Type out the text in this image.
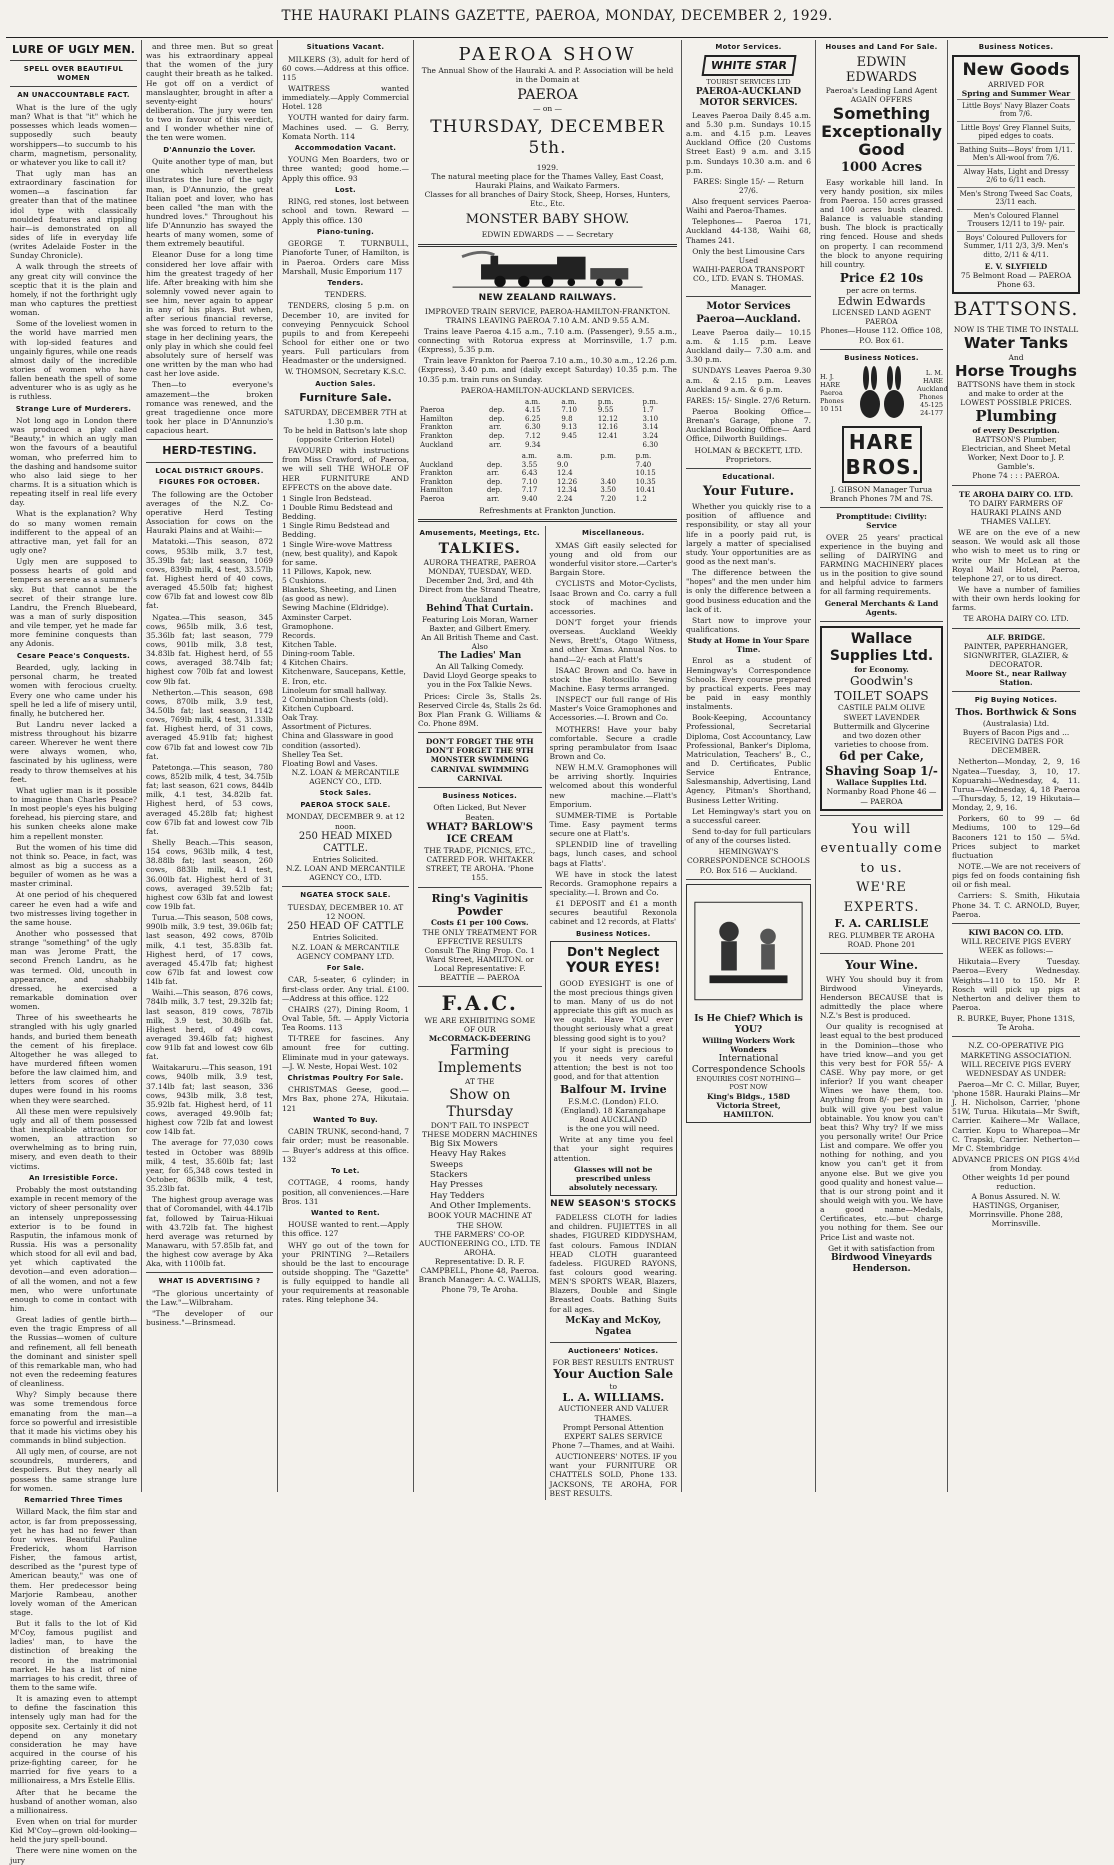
THE HAURAKI PLAINS GAZETTE, PAEROA, MONDAY, DECEMBER 2, 1929.
LURE OF UGLY MEN.
SPELL OVER BEAUTIFUL WOMEN
AN UNACCOUNTABLE FACT.

What is the lure of the ugly man? What is that "it" which he possesses which leads women—supposedly such beauty worshippers—to succumb to his charm, magnetism, personality, or whatever you like to call it?

That ugly man has an extraordinary fascination for women—a fascination far greater than that of the matinee idol type with classically moulded features and rippling hair—is demonstrated on all sides of life in everyday life (writes Adelaide Foster in the Sunday Chronicle).

A walk through the streets of any great city will convince the sceptic that it is the plain and homely, if not the forthright ugly man who captures the prettiest woman.

Some of the loveliest women in the world have married men with lop-sided features and ungainly figures, while one reads almost daily of the incredible stories of women who have fallen beneath the spell of some adventurer who is as ugly as he is ruthless.

Strange Lure of Murderers.

Not long ago in London there was produced a play called "Beauty," in which an ugly man won the favours of a beautiful woman, who preferred him to the dashing and handsome suitor who also laid siege to her charms. It is a situation which is repeating itself in real life every day.

What is the explanation? Why do so many women remain indifferent to the appeal of an attractive man, yet fall for an ugly one?

Ugly men are supposed to possess hearts of gold and tempers as serene as a summer's sky. But that cannot be the secret of their strange lure. Landru, the French Bluebeard, was a man of surly disposition and vile temper, yet he made far more feminine conquests than any Adonis.

Cesare Peace's Conquests.

Bearded, ugly, lacking in personal charm, he treated women with ferocious cruelty. Every one who came under his spell he led a life of misery until, finally, he butchered her.

But Landru never lacked a mistress throughout his bizarre career. Wherever he went there were always women, who, fascinated by his ugliness, were ready to throw themselves at his feet.

What uglier man is it possible to imagine than Charles Peace? In most people's eyes his bulging forehead, his piercing stare, and his sunken cheeks alone make him a repellent monster.

But the women of his time did not think so. Peace, in fact, was almost as big a success as a beguiler of women as he was a master criminal.

At one period of his chequered career he even had a wife and two mistresses living together in the same house.

Another who possessed that strange "something" of the ugly man was Jerome Pratt, the second French Landru, as he was termed. Old, uncouth in appearance, and shabbily dressed, he exercised a remarkable domination over women.

Three of his sweethearts he strangled with his ugly gnarled hands, and buried them beneath the cement of his fireplace. Altogether he was alleged to have murdered fifteen women before the law claimed him, and letters from scores of other dupes were found in his rooms when they were searched.

All these men were repulsively ugly and all of them possessed that inexplicable attraction for women, an attraction so overwhelming as to bring ruin, misery, and even death to their victims.

An Irresistible Force.

Probably the most outstanding example in recent memory of the victory of sheer personality over an intensely unprepossessing exterior is to be found in Rasputin, the infamous monk of Russia. His was a personality which stood for all evil and bad, yet which captivated the devotion—and even adoration—of all the women, and not a few men, who were unfortunate enough to come in contact with him.

Great ladies of gentle birth—even the tragic Empress of all the Russias—women of culture and refinement, all fell beneath the dominant and sinister spell of this remarkable man, who had not even the redeeming features of cleanliness.

Why? Simply because there was some tremendous force emanating from the man—a force so powerful and irresistible that it made his victims obey his commands in blind subjection.

All ugly men, of course, are not scoundrels, murderers, and despoilers. But they nearly all possess the same strange lure for women.

Remarried Three Times

Willard Mack, the film star and actor, is far from prepossessing, yet he has had no fewer than four wives. Beautiful Pauline Frederick, whom Harrison Fisher, the famous artist, described as the "purest type of American beauty," was one of them. Her predecessor being Marjorie Rambeau, another lovely woman of the American stage.

But it falls to the lot of Kid M'Coy, famous pugilist and ladies' man, to have the distinction of breaking the record in the matrimonial market. He has a list of nine marriages to his credit, three of them to the same wife.

It is amazing even to attempt to define the fascination this intensely ugly man had for the opposite sex. Certainly it did not depend on any monetary consideration he may have acquired in the course of his prize-fighting career, for he married for five years to a millionairess, a Mrs Estelle Ellis.

After that he became the husband of another woman, also a millionairess.

Even when on trial for murder Kid M'Coy—grown old-looking—held the jury spell-bound.

There were nine women on the jury

and three men. But so great was his extraordinary appeal that the women of the jury caught their breath as he talked. He got off on a verdict of manslaughter, brought in after a seventy-eight hours' deliberation. The jury were ten to two in favour of this verdict, and I wonder whether nine of the ten were women.

D'Annunzio the Lover.

Quite another type of man, but one which nevertheless illustrates the lure of the ugly man, is D'Annunzio, the great Italian poet and lover, who has been called "the man with the hundred loves." Throughout his life D'Annunzio has swayed the hearts of many women, some of them extremely beautiful.

Eleanor Duse for a long time considered her love affair with him the greatest tragedy of her life. After breaking with him she solemnly vowed never again to see him, never again to appear in any of his plays. But when, after serious financial reverse, she was forced to return to the stage in her declining years, the only play in which she could feel absolutely sure of herself was one written by the man who had cast her love aside.

Then—to everyone's amazement—the broken romance was renewed, and the great tragedienne once more took her place in D'Annunzio's capacious heart.

HERD-TESTING.
LOCAL DISTRICT GROUPS.
FIGURES FOR OCTOBER.

The following are the October averages of the N.Z. Co-operative Herd Testing Association for cows on the Hauraki Plains and at Waihi:—

Matatoki.—This season, 872 cows, 953lb milk, 3.7 test, 35.39lb fat; last season, 1069 cows, 839lb milk, 4 test, 33.57lb fat. Highest herd of 40 cows, averaged 45.50lb fat; highest cow 67lb fat and lowest cow 8lb fat.

Ngatea.—This season, 345 cows, 965lb milk, 3.6 test, 35.36lb fat; last season, 779 cows, 901lb milk, 3.8 test, 34.83lb fat. Highest herd, of 55 cows, averaged 38.74lb fat; highest cow 70lb fat and lowest cow 9lb fat.

Netherton.—This season, 698 cows, 870lb milk, 3.9 test, 34.50lb fat; last season, 1142 cows, 769lb milk, 4 test, 31.33lb fat. Highest herd, of 31 cows, averaged 45.91lb fat; highest cow 67lb fat and lowest cow 7lb fat.

Patetonga.—This season, 780 cows, 852lb milk, 4 test, 34.75lb fat; last season, 621 cows, 844lb milk, 4.1 test, 34.82lb fat. Highest herd, of 53 cows, averaged 45.28lb fat; highest cow 67lb fat and lowest cow 7lb fat.

Shelly Beach.—This season, 154 cows, 963lb milk, 4 test, 38.88lb fat; last season, 260 cows, 883lb milk, 4.1 test, 36.00lb fat. Highest herd of 31 cows, averaged 39.52lb fat; highest cow 63lb fat and lowest cow 19lb fat.

Turua.—This season, 508 cows, 990lb milk, 3.9 test, 39.06lb fat; last season, 492 cows, 870lb milk, 4.1 test, 35.83lb fat. Highest herd, of 17 cows, averaged 45.47lb fat; highest cow 67lb fat and lowest cow 14lb fat.

Waihi.—This season, 876 cows, 784lb milk, 3.7 test, 29.32lb fat; last season, 819 cows, 787lb milk, 3.9 test, 30.86lb fat. Highest herd, of 49 cows, averaged 39.46lb fat; highest cow 91lb fat and lowest cow 6lb fat.

Waitakaruru.—This season, 191 cows, 940lb milk, 3.9 test, 37.14lb fat; last season, 336 cows, 943lb milk, 3.8 test, 35.92lb fat. Highest herd, of 11 cows, averaged 49.90lb fat; highest cow 72lb fat and lowest cow 14lb fat.

The average for 77,030 cows tested in October was 889lb milk, 4 test, 35.60lb fat; last year, for 65,348 cows tested in October, 863lb milk, 4 test, 35.23lb fat.

The highest group average was that of Coromandel, with 44.17lb fat, followed by Tairua-Hikuai with 43.72lb fat. The highest herd average was returned by Manawaru, with 57.85lb fat, and the highest cow average by Aka Aka, with 1100lb fat.

WHAT IS ADVERTISING ?

"The glorious uncertainty of the Law."—Wilbraham.

"The developer of our business."—Brinsmead.

Situations Vacant.

MILKERS (3), adult for herd of 60 cows.—Address at this office. 115

WAITRESS wanted immediately.—Apply Commercial Hotel. 128

YOUTH wanted for dairy farm. Machines used. — G. Berry, Komata North. 114

Accommodation Vacant.

YOUNG Men Boarders, two or three wanted; good home.—Apply this office. 93

Lost.

RING, red stones, lost between school and town. Reward — Apply this office. 130

Piano-tuning.

GEORGE T. TURNBULL, Pianoforte Tuner, of Hamilton, is in Paeroa. Orders care Miss Marshall, Music Emporium 117

Tenders.
TENDERS.

TENDERS, closing 5 p.m. on December 10, are invited for conveying Pennycuick School pupils to and from Kerepeehi School for either one or two years. Full particulars from Headmaster or the undersigned.

W. THOMSON, Secretary K.S.C.
Auction Sales.
Furniture Sale.
SATURDAY, DECEMBER 7TH at 1.30 p.m.
To be held in Battson's late shop (opposite Criterion Hotel)

FAVOURED with instructions from Miss Crawford, of Paeroa, we will sell THE WHOLE OF HER FURNITURE AND EFFECTS on the above date.

1 Single Iron Bedstead.
1 Double Rimu Bedstead and Bedding.
1 Single Rimu Bedstead and Bedding.
1 Single Wire-wove Mattress (new, best quality), and Kapok for same.
11 Pillows, Kapok, new.
5 Cushions.
Blankets, Sheeting, and Linen (as good as new).
Sewing Machine (Eldridge).
Axminster Carpet.
Gramophone.
Records.
Kitchen Table.
Dining-room Table.
4 Kitchen Chairs.
Kitchenware, Saucepans, Kettle, E. Iron, etc.
Linoleum for small hallway.
2 Combination Chests (old).
Kitchen Cupboard.
Oak Tray.
Assortment of Pictures.
China and Glassware in good condition (assorted).
Shelley Tea Set.
Floating Bowl and Vases.
N.Z. LOAN & MERCANTILE AGENCY CO., LTD.
Stock Sales.
PAEROA STOCK SALE.
MONDAY, DECEMBER 9. at 12 noon.
250 HEAD MIXED CATTLE.
Entries Solicited.
N.Z. LOAN AND MERCANTILE AGENCY CO., LTD.
NGATEA STOCK SALE.
TUESDAY, DECEMBER 10. AT 12 NOON.
250 HEAD OF CATTLE
Entries Solicited.
N.Z. LOAN & MERCANTILE AGENCY COMPANY LTD.
For Sale.

CAR, 5-seater, 6 cylinder; in first-class order. Any trial. £100.—Address at this office. 122

CHAIRS (27), Dining Room, 1 Oval Table, 5ft. — Apply Victoria Tea Rooms. 113

TI-TREE for fascines. Any amount free for cutting. Eliminate mud in your gateways.—J. W. Neste, Hopai West. 102

Christmas Poultry For Sale.

CHRISTMAS Geese, good.—Mrs Bax, phone 27A, Hikutaia. 121

Wanted To Buy.

CABIN TRUNK, second-hand, 7 fair order; must be reasonable. — Buyer's address at this office. 132

To Let.

COTTAGE, 4 rooms, handy position, all conveniences.—Hare Bros. 131

Wanted to Rent.

HOUSE wanted to rent.—Apply this office. 127

WHY go out of the town for your PRINTING ?—Retailers should be the last to encourage outside shopping. The "Gazette" is fully equipped to handle all your requirements at reasonable rates. Ring telephone 34.

PAEROA SHOW
The Annual Show of the Hauraki A. and P. Association will be held in the Domain at
PAEROA
— on —
THURSDAY, DECEMBER 5th.
1929.
The natural meeting place for the Thames Valley, East Coast, Hauraki Plains, and Waikato Farmers.
Classes for all branches of Dairy Stock, Sheep, Horses, Hunters, Etc., Etc.
MONSTER BABY SHOW.
EDWIN EDWARDS — — Secretary
NEW ZEALAND RAILWAYS.
IMPROVED TRAIN SERVICE, PAEROA-HAMILTON-FRANKTON.
TRAINS LEAVING PAEROA 7.10 A.M. AND 9.55 A.M.

Trains leave Paeroa 4.15 a.m., 7.10 a.m. (Passenger), 9.55 a.m., connecting with Rotorua express at Morrinsville, 1.7 p.m. (Express), 5.35 p.m.

Train leave Frankton for Paeroa 7.10 a.m., 10.30 a.m., 12.26 p.m. (Express), 3.40 p.m. and (daily except Saturday) 10.35 p.m. The 10.35 p.m. train runs on Sunday.

PAEROA-HAMILTON-AUCKLAND SERVICES.
		a.m.	a.m.	p.m.	p.m.
Paeroa	dep.	4.15	7.10	9.55	1.7
Hamilton	dep.	6.25	9.8	12.12	3.10
Frankton	arr.	6.30	9.13	12.16	3.14
Frankton	dep.	7.12	9.45	12.41	3.24
Auckland	arr.	9.34			6.30
		a.m.	a.m.	p.m.	p.m.
Auckland	dep.	3.55	9.0		7.40
Frankton	arr.	6.43	12.4		10.15
Frankton	dep.	7.10	12.26	3.40	10.35
Hamilton	dep.	7.17	12.34	3.50	10.41
Paeroa	arr.	9.40	2.24	7.20	1.2
Refreshments at Frankton Junction.
Amusements, Meetings, Etc.
TALKIES.
AURORA THEATRE, PAEROA
MONDAY, TUESDAY, WED. December 2nd, 3rd, and 4th
Direct from the Strand Theatre, Auckland
Behind That Curtain.
Featuring Lois Moran, Warner Baxter, and Gilbert Emery.
An All British Theme and Cast. Also
The Ladies' Man
An All Talking Comedy.
David Lloyd George speaks to you in the Fox Talkie News.

Prices: Circle 3s, Stalls 2s. Reserved Circle 4s, Stalls 2s 6d. Box Plan Frank G. Williams & Co. Phone 89M.

DON'T FORGET THE 9TH DON'T FORGET THE 9TH MONSTER SWIMMING CARNIVAL SWIMMING CARNIVAL
Business Notices.
Often Licked, But Never Beaten.
WHAT? BARLOW'S ICE CREAM
THE TRADE, PICNICS, ETC., CATERED FOR. WHITAKER STREET, TE AROHA. 'Phone 155.
Ring's Vaginitis Powder
Costs £1 per 100 Cows.
THE ONLY TREATMENT FOR EFFECTIVE RESULTS
Consult The Ring Prop. Co. 1 Ward Street, HAMILTON. or Local Representative: F. BEATTIE — PAEROA
F.A.C.
WE ARE EXHIBITING SOME OF OUR
McCORMACK-DEERING
Farming Implements
AT THE
Show on Thursday
DON'T FAIL TO INSPECT THESE MODERN MACHINES
Big Six Mowers
Heavy Hay Rakes
Sweeps
Stackers
Hay Presses
Hay Tedders
And Other Implements.
BOOK YOUR MACHINE AT THE SHOW.
THE FARMERS' CO-OP. AUCTIONEERING CO., LTD. TE AROHA.
Representative: D. R. F. CAMPBELL, Phone 48, Paeroa.
Branch Manager: A. C. WALLIS, Phone 79, Te Aroha.
Miscellaneous.

XMAS Gift easily selected for young and old from our wonderful visitor store.—Carter's Bargain Store.

CYCLISTS and Motor-Cyclists, Isaac Brown and Co. carry a full stock of machines and accessories.

DON'T forget your friends overseas. Auckland Weekly News, Brett's, Otago Witness, and other Xmas. Annual Nos. to hand—2/- each at Flatt's

ISAAC Brown and Co. have in stock the Rotoscillo Sewing Machine. Easy terms arranged.

INSPECT our full range of His Master's Voice Gramophones and Accessories.—I. Brown and Co.

MOTHERS! Have your baby comfortable. Secure a cradle spring perambulator from Isaac Brown and Co.

NEW H.M.V. Gramophones will be arriving shortly. Inquiries welcomed about this wonderful new machine.—Flatt's Emporium.

SUMMER-TIME is Portable Time. Easy payment terms secure one at Flatt's.

SPLENDID line of travelling bags, lunch cases, and school bags at Flatts'.

WE have in stock the latest Records. Gramophone repairs a speciality.—I. Brown and Co.

£1 DEPOSIT and £1 a month secures beautiful Rexonola cabinet and 12 records, at Flatts'

Business Notices.
Don't Neglect
YOUR EYES!

GOOD EYESIGHT is one of the most precious things given to man. Many of us do not appreciate this gift as much as we ought. Have YOU ever thought seriously what a great blessing good sight is to you?

If your sight is precious to you it needs very careful attention; the best is not too good, and for that attention

Balfour M. Irvine
F.S.M.C. (London) F.I.O. (England). 18 Karangahape Road AUCKLAND
is the one you will need.

Write at any time you feel that your sight requires attention.

Glasses will not be prescribed unless absolutely necessary.
NEW SEASON'S STOCKS

FADELESS CLOTH for ladies and children. FUJIETTES in all shades, FIGURED KIDDYSHAM, fast colours. Famous INDIAN HEAD CLOTH guaranteed fadeless. FIGURED RAYONS, fast colours good wearing. MEN'S SPORTS WEAR, Blazers, Blazers, Double and Single Breasted Coats. Bathing Suits for all ages.

McKay and McKoy, Ngatea
Auctioneers' Notices.
FOR BEST RESULTS ENTRUST
Your Auction Sale
to
L. A. WILLIAMS.
AUCTIONEER AND VALUER THAMES.
Prompt Personal Attention
EXPERT SALES SERVICE
Phone 7—Thames, and at Waihi.

AUCTIONEERS' NOTES. IF you want your FURNITURE OR CHATTELS SOLD, Phone 133. JACKSONS, TE AROHA, FOR BEST RESULTS.

Motor Services.
WHITE STAR
TOURIST SERVICES LTD
PAEROA-AUCKLAND MOTOR SERVICES.

Leaves Paeroa Daily 8.45 a.m. and 5.30 p.m. Sundays 10.15 a.m. and 4.15 p.m. Leaves Auckland Office (20 Customs Street East) 9 a.m. and 3.15 p.m. Sundays 10.30 a.m. and 6 p.m.

FARES: Single 15/- — Return 27/6.

Also frequent services Paeroa-Waihi and Paeroa-Thames.

Telephones— Paeroa 171, Auckland 44-138, Waihi 68, Thames 241.

Only the best Limousine Cars Used
WAIHI-PAEROA TRANSPORT CO., LTD. EVAN S. THOMAS. Manager.
Motor Services Paeroa—Auckland.

Leave Paeroa daily— 10.15 a.m. & 1.15 p.m. Leave Auckland daily— 7.30 a.m. and 3.30 p.m.

SUNDAYS Leaves Paeroa 9.30 a.m. & 2.15 p.m. Leaves Auckland 9 a.m. & 6 p.m.

FARES: 15/- Single. 27/6 Return.

Paeroa Booking Office— Brenan's Garage, phone 7. Auckland Booking Office— Aard Office, Dilworth Buildings.

HOLMAN & BECKETT, LTD. Proprietors.
Educational.
Your Future.

Whether you quickly rise to a position of affluence and responsibility, or stay all your life in a poorly paid rut, is largely a matter of specialised study. Your opportunities are as good as the next man's.

The difference between the "hopes" and the men under him is only the difference between a good business education and the lack of it.

Start now to improve your qualifications.

Study at Home in Your Spare Time.

Enrol as a student of Hemingway's Correspondence Schools. Every course prepared by practical experts. Fees may be paid in easy monthly instalments.

Book-Keeping, Accountancy Professional, Secretarial Diploma, Cost Accountancy, Law Professional, Banker's Diploma, Matriculation, Teachers' B., C., and D. Certificates, Public Service Entrance, Salesmanship, Advertising, Land Agency, Pitman's Shorthand, Business Letter Writing.

Let Hemingway's start you on a successful career.

Send to-day for full particulars of any of the courses listed.

HEMINGWAY'S CORRESPONDENCE SCHOOLS P.O. Box 516 — Auckland.
Is He Chief? Which is YOU?
Willing Workers Work Wonders
International Correspondence Schools
ENQUIRIES COST NOTHING—POST NOW
King's Bldgs., 158D Victoria Street, HAMILTON.
Houses and Land For Sale.
EDWIN EDWARDS
Paeroa's Leading Land Agent AGAIN OFFERS
Something Exceptionally Good
1000 Acres

Easy workable hill land. In very handy position, six miles from Paeroa. 150 acres grassed and 100 acres bush cleared. Balance is valuable standing bush. The block is practically ring fenced. House and sheds on property. I can recommend the block to anyone requiring hill country.

Price £2 10s
per acre on terms.
Edwin Edwards
LICENSED LAND AGENT PAEROA
Phones—House 112. Office 108, P.O. Box 61.
Business Notices.
H. J. HARE Paeroa Phones 10 151
L. M. HARE Auckland Phones 45-125 24-177
HARE BROS.
J. GIBSON Manager Turua Branch Phones 7M and 7S.
Promptitude: Civility: Service

OVER 25 years' practical experience in the buying and selling of DAIRYING and FARMING MACHINERY places us in the position to give sound and helpful advice to farmers for all farming requirements.

General Merchants & Land Agents.
Wallace Supplies Ltd.
for Economy.
Goodwin's TOILET SOAPS
CASTILE PALM OLIVE SWEET LAVENDER Buttermilk and Glycerine
and two dozen other varieties to choose from.
6d per Cake,
Shaving Soap 1/-
Wallace Supplies Ltd.
Normanby Road Phone 46 — — PAEROA
You will eventually come to us.
WE'RE EXPERTS.
F. A. CARLISLE
REG. PLUMBER TE AROHA ROAD. Phone 201
Your Wine.

WHY You should buy it from Birdwood Vineyards, Henderson BECAUSE that is admittedly the place where N.Z.'s Best is produced.

Our quality is recognised at least equal to the best produced in the Dominion—those who have tried know—and you get this very best for FOR 55/- A CASE. Why pay more, or get inferior? If you want cheaper Wines we have them, too. Anything from 8/- per gallon in bulk will give you best value obtainable. You know you can't beat this? Why try? If we miss you personally write! Our Price List and compare. We offer you nothing for nothing, and you know you can't get it from anyone else. But we give you good quality and honest value—that is our strong point and it should weigh with you. We have a good name—Medals, Certificates, etc.—but charge you nothing for them. See our Price List and waste not.

Get it with satisfaction from
Birdwood Vineyards Henderson.
Business Notices.
New Goods
ARRIVED FOR
Spring and Summer Wear
Little Boys' Navy Blazer Coats from 7/6.
Little Boys' Grey Flannel Suits, piped edges to coats.
Bathing Suits—Boys' from 1/11. Men's All-wool from 7/6.
Alway Hats, Light and Dressy 2/6 to 6/11 each.
Men's Strong Tweed Sac Coats, 23/11 each.
Men's Coloured Flannel Trousers 12/11 to 19/- pair.
Boys' Coloured Pullovers for Summer, 1/11 2/3, 3/9. Men's ditto, 2/11 & 4/11.
E. V. SLYFIELD
75 Belmont Road — PAEROA Phone 63.
BATTSONS.
NOW IS THE TIME TO INSTALL
Water Tanks
And
Horse Troughs
BATTSONS have them in stock and make to order at the LOWEST POSSIBLE PRICES.
Plumbing
of every Description.
BATTSON'S Plumber, Electrician, and Sheet Metal Worker, Next Door to J. P. Gamble's.
Phone 74 : : : PAEROA.
TE AROHA DAIRY CO. LTD.
TO DAIRY FARMERS OF HAURAKI PLAINS AND THAMES VALLEY.

WE are on the eve of a new season. We would ask all those who wish to meet us to ring or write our Mr McLean at the Royal Mail Hotel, Paeroa, telephone 27, or to us direct.

We have a number of families with their own herds looking for farms.

TE AROHA DAIRY CO. LTD.
ALF. BRIDGE.
PAINTER, PAPERHANGER, SIGNWRITER, GLAZIER, & DECORATOR.
Moore St., near Railway Station.
Pig Buying Notices.
Thos. Borthwick & Sons
(Australasia) Ltd.
Buyers of Bacon Pigs and ...
RECEIVING DATES FOR DECEMBER.

Netherton—Monday, 2, 9, 16 Ngatea—Tuesday, 3, 10, 17. Kopuarahi—Wednesday, 4, 11. Turua—Wednesday, 4, 18 Paeroa—Thursday, 5, 12, 19 Hikutaia—Monday, 2, 9, 16.

Porkers, 60 to 99 — 6d Mediums, 100 to 129—6d Baconers 121 to 150 — 5¾d. Prices subject to market fluctuation

NOTE.—We are not receivers of pigs fed on foods containing fish oil or fish meal.

Carriers: S. Smith, Hikutaia Phone 34. T. C. ARNOLD, Buyer, Paeroa.

KIWI BACON CO. LTD.
WILL RECEIVE PIGS EVERY WEEK as follows:—

Hikutaia—Every Tuesday. Paeroa—Every Wednesday. Weights—110 to 150. Mr P. Rosch will pick up pigs at Netherton and deliver them to Paeroa.

R. BURKE, Buyer, Phone 131S, Te Aroha.
N.Z. CO-OPERATIVE PIG MARKETING ASSOCIATION. WILL RECEIVE PIGS EVERY WEDNESDAY AS UNDER:

Paeroa—Mr C. C. Millar, Buyer, 'phone 158R. Hauraki Plains—Mr J. H. Nicholson, Carrier, 'phone 51W, Turua. Hikutaia—Mr Swift, Carrier. Kaihere—Mr Wallace, Carrier. Kopu to Wharepoa—Mr C. Trapski, Carrier. Netherton—Mr C. Stembridge

ADVANCE PRICES ON PIGS 4½d from Monday.
Other weights 1d per pound reduction.
A Bonus Assured. N. W. HASTINGS, Organiser, Morrinsville. Phone 288, Morrinsville.
